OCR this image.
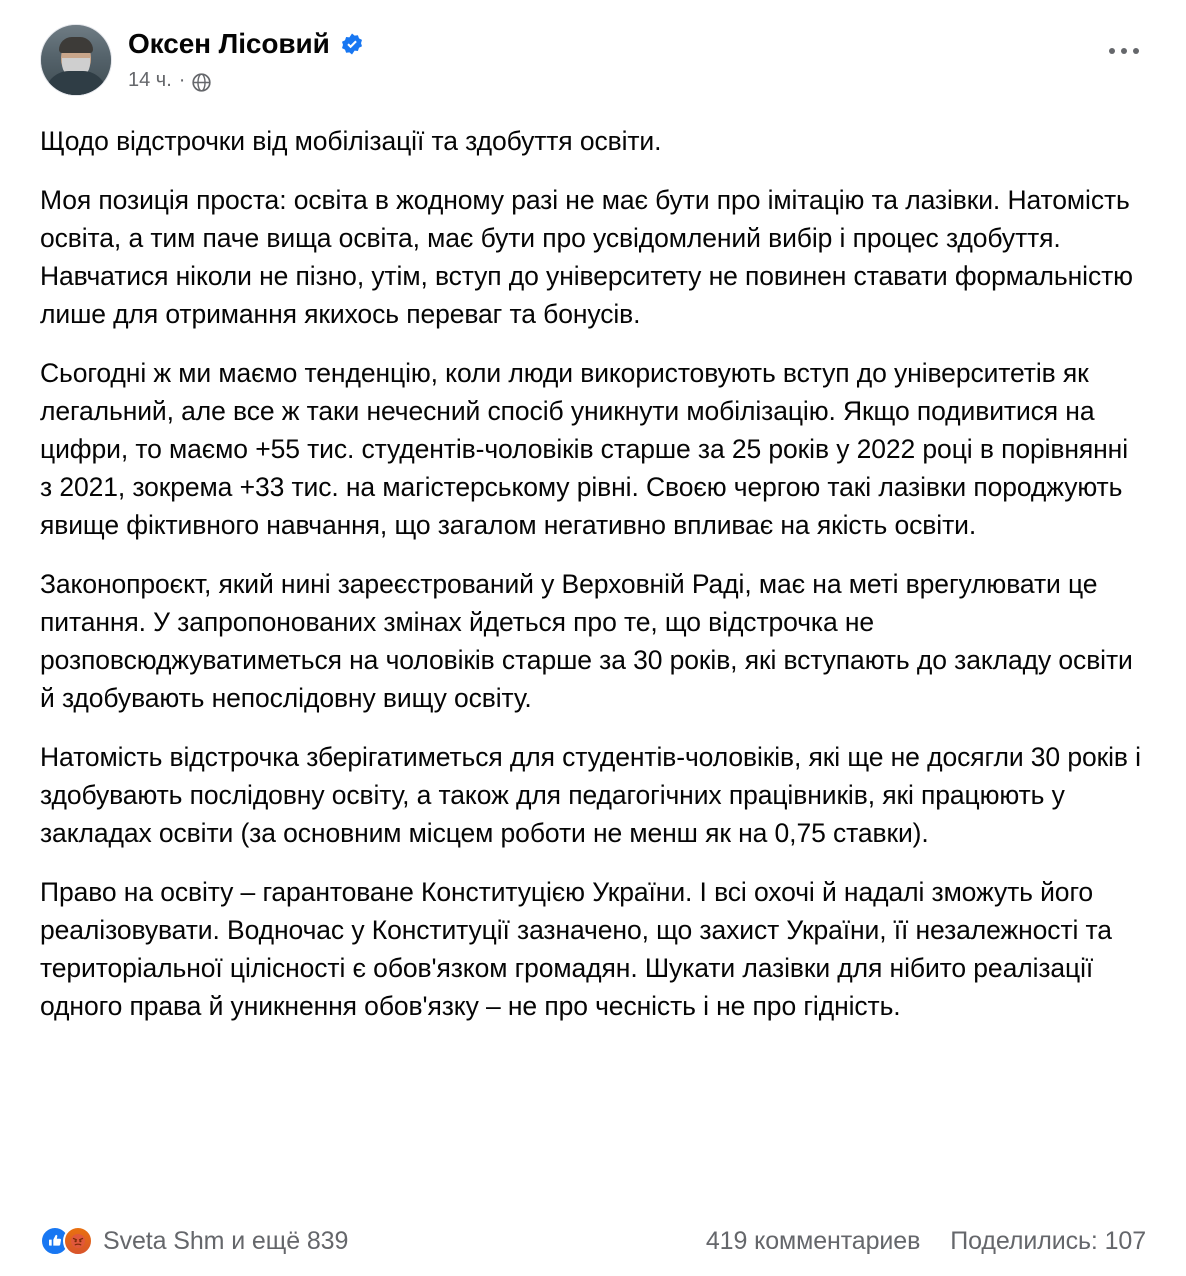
Оксен Лісовий
14 ч. ·

Щодо відстрочки від мобілізації та здобуття освіти.

Моя позиція проста: освіта в жодному разі не має бути про імітацію та лазівки. Натомість освіта, а тим паче вища освіта, має бути про усвідомлений вибір і процес здобуття. Навчатися ніколи не пізно, утім, вступ до університету не повинен ставати формальністю лише для отримання якихось переваг та бонусів.

Сьогодні ж ми маємо тенденцію, коли люди використовують вступ до університетів як легальний, але все ж таки нечесний спосіб уникнути мобілізацію. Якщо подивитися на цифри, то маємо +55 тис. студентів-чоловіків старше за 25 років у 2022 році в порівнянні з 2021, зокрема +33 тис. на магістерському рівні. Своєю чергою такі лазівки породжують явище фіктивного навчання, що загалом негативно впливає на якість освіти.

Законопроєкт, який нині зареєстрований у Верховній Раді, має на меті врегулювати це питання. У запропонованих змінах йдеться про те, що відстрочка не розповсюджуватиметься на чоловіків старше за 30 років, які вступають до закладу освіти й здобувають непослідовну вищу освіту.

Натомість відстрочка зберігатиметься для студентів-чоловіків, які ще не досягли 30 років і здобувають послідовну освіту, а також для педагогічних працівників, які працюють у закладах освіти (за основним місцем роботи не менш як на 0,75 ставки).

Право на освіту – гарантоване Конституцією України. І всі охочі й надалі зможуть його реалізовувати. Водночас у Конституції зазначено, що захист України, її незалежності та територіальної цілісності є обов'язком громадян. Шукати лазівки для нібито реалізації одного права й уникнення обов'язку – не про чесність і не про гідність.

Sveta Shm и ещё 839	419 комментариев Поделились: 107
